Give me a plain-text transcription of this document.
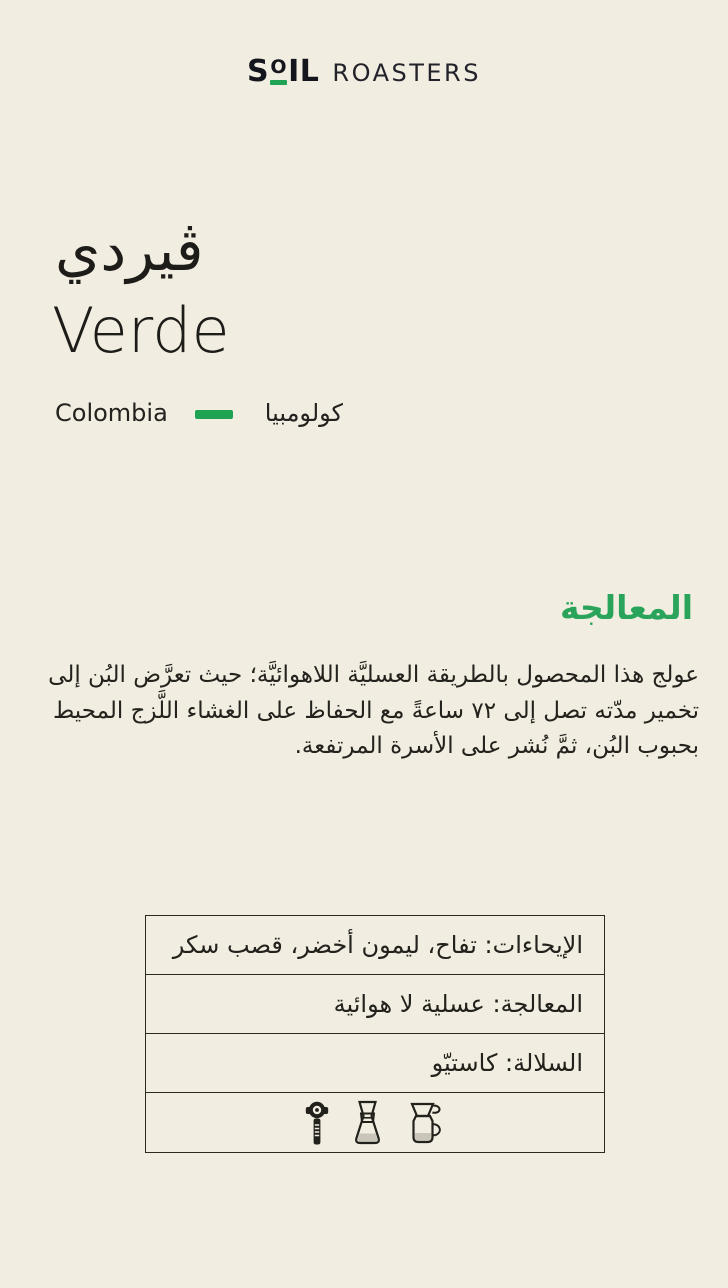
S O IL ROASTERS
ڤيردي
Verde
Colombia	كولومبيا
المعالجة

عولج هذا المحصول بالطريقة العسليَّة اللاهوائيَّة؛ حيث تعرَّض البُن إلى تخمير مدّته تصل إلى ٧٢ ساعةً مع الحفاظ على الغشاء اللَّزج المحيط بحبوب البُن، ثمَّ نُشر على الأسرة المرتفعة.

الإيحاءات: تفاح، ليمون أخضر، قصب سكر
المعالجة: عسلية لا هوائية
السلالة: كاستيّو
